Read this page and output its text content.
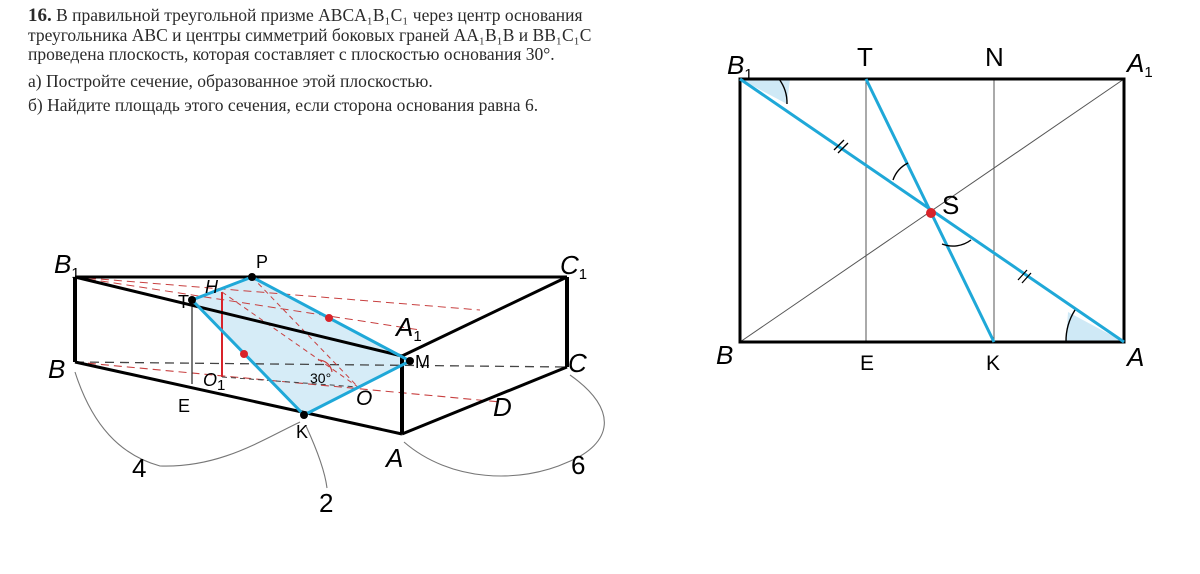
16. В правильной треугольной призме ABCA₁B₁C₁ через центр основания треугольника ABC и центры симметрий боковых граней AA₁B₁B и BB₁C₁C проведена плоскость, которая составляет с плоскостью основания 30°.

а) Постройте сечение, образованное этой плоскостью.

б) Найдите площадь этого сечения, если сторона основания равна 6.

B1
P
H
T
C1
A1
M
B	C
$O_1$	30°
O
E	D
K
A
4
2
6
B1
T	N	A1
S
B	E	K	A
